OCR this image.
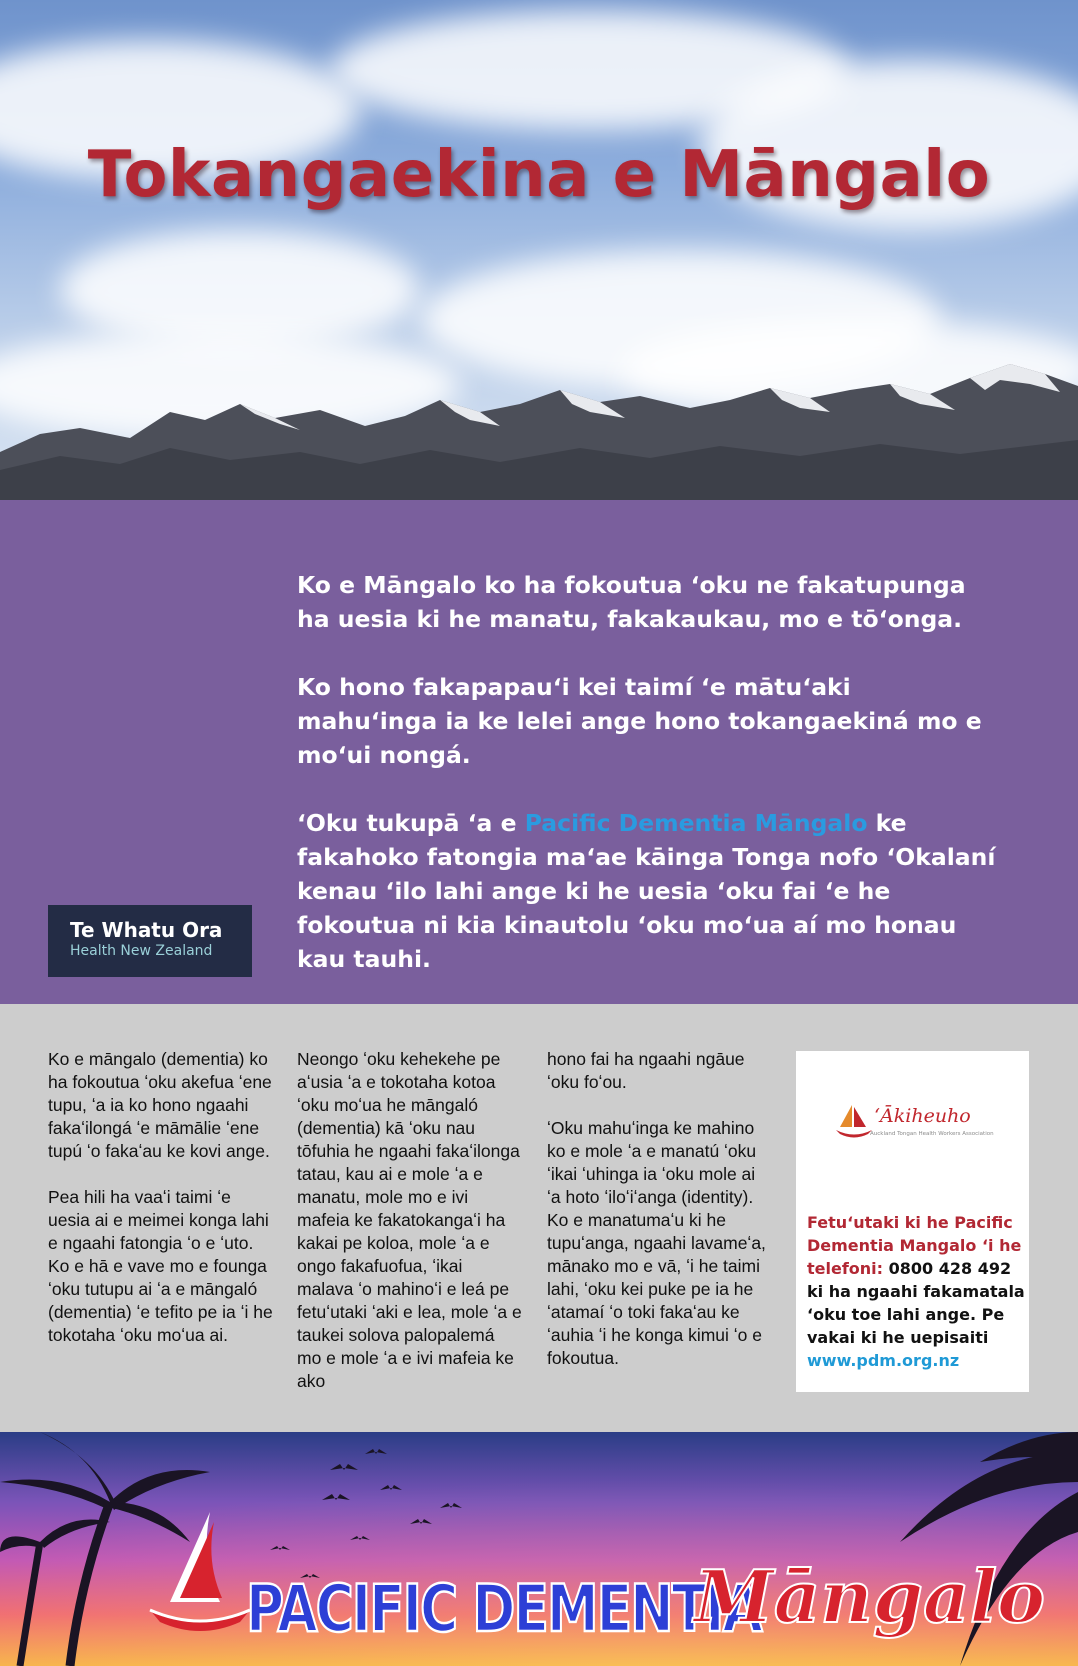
Tokangaekina e Māngalo
Te Whatu Ora
Health New Zealand

Ko e Māngalo ko ha fokoutua ʻoku ne fakatupunga ha uesia ki he manatu, fakakaukau, mo e tōʻonga.

Ko hono fakapapauʻi kei taimí ʻe mātuʻaki mahuʻinga ia ke lelei ange hono tokangaekiná mo e moʻui nongá.

ʻOku tukupā ʻa e Pacific Dementia Māngalo ke fakahoko fatongia maʻae kāinga Tonga nofo ʻOkalaní kenau ʻilo lahi ange ki he uesia ʻoku fai ʻe he fokoutua ni kia kinautolu ʻoku moʻua aí mo honau kau tauhi.

Ko e māngalo (dementia) ko ha fokoutua ʻoku akefua ʻene tupu, ʻa ia ko hono ngaahi fakaʻilongá ʻe māmālie ʻene tupú ʻo fakaʻau ke kovi ange.

Pea hili ha vaaʻi taimi ʻe uesia ai e meimei konga lahi e ngaahi fatongia ʻo e ʻuto. Ko e hā e vave mo e founga ʻoku tutupu ai ʻa e māngaló (dementia) ʻe tefito pe ia ʻi he tokotaha ʻoku moʻua ai.

Neongo ʻoku kehekehe pe aʻusia ʻa e tokotaha kotoa ʻoku moʻua he māngaló (dementia) kā ʻoku nau tōfuhia he ngaahi fakaʻilonga tatau, kau ai e mole ʻa e manatu, mole mo e ivi mafeia ke fakatokangaʻi ha kakai pe koloa, mole ʻa e ongo fakafuofua, ʻikai malava ʻo mahinoʻi e leá pe fetuʻutaki ʻaki e lea, mole ʻa e taukei solova palopalemá mo e mole ʻa e ivi mafeia ke ako

hono fai ha ngaahi ngāue ʻoku foʻou.

ʻOku mahuʻinga ke mahino ko e mole ʻa e manatú ʻoku ʻikai ʻuhinga ia ʻoku mole ai ʻa hoto ʻiloʻiʻanga (identity).

Ko e manatumaʻu ki he tupuʻanga, ngaahi lavameʻa, mānako mo e vā, ʻi he taimi lahi, ʻoku kei puke pe ia he ʻatamaí ʻo toki fakaʻau ke ʻauhia ʻi he konga kimui ʻo e fokoutua.

ʻĀkiheuho
Auckland Tongan Health Workers Association
Fetuʻutaki ki he Pacific Dementia Mangalo ʻi he telefoni: 0800 428 492 ki ha ngaahi fakamatala ʻoku toe lahi ange. Pe vakai ki he uepisaiti www.pdm.org.nz
PACIFIC DEMENTIA
Māngalo
